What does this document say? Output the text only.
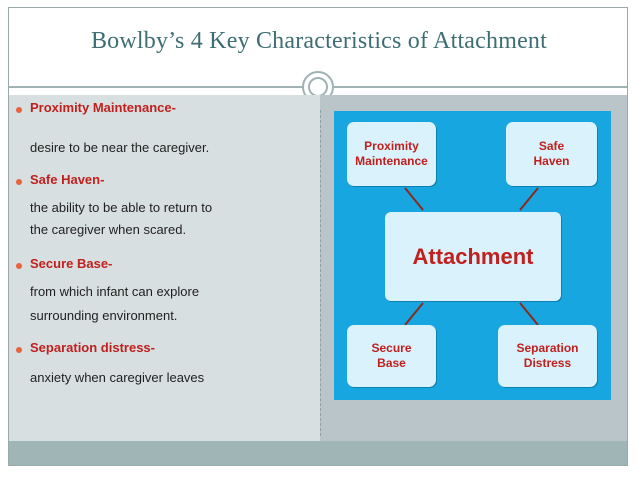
Bowlby’s 4 Key Characteristics of Attachment
Proximity Maintenance-
desire to be near the caregiver.
Safe Haven-
the ability to be able to return to
the caregiver when scared.
Secure Base-
from which infant can explore
surrounding environment.
Separation distress-
anxiety when caregiver leaves
Proximity
Maintenance
Safe
Haven
Attachment
Secure
Base
Separation
Distress
